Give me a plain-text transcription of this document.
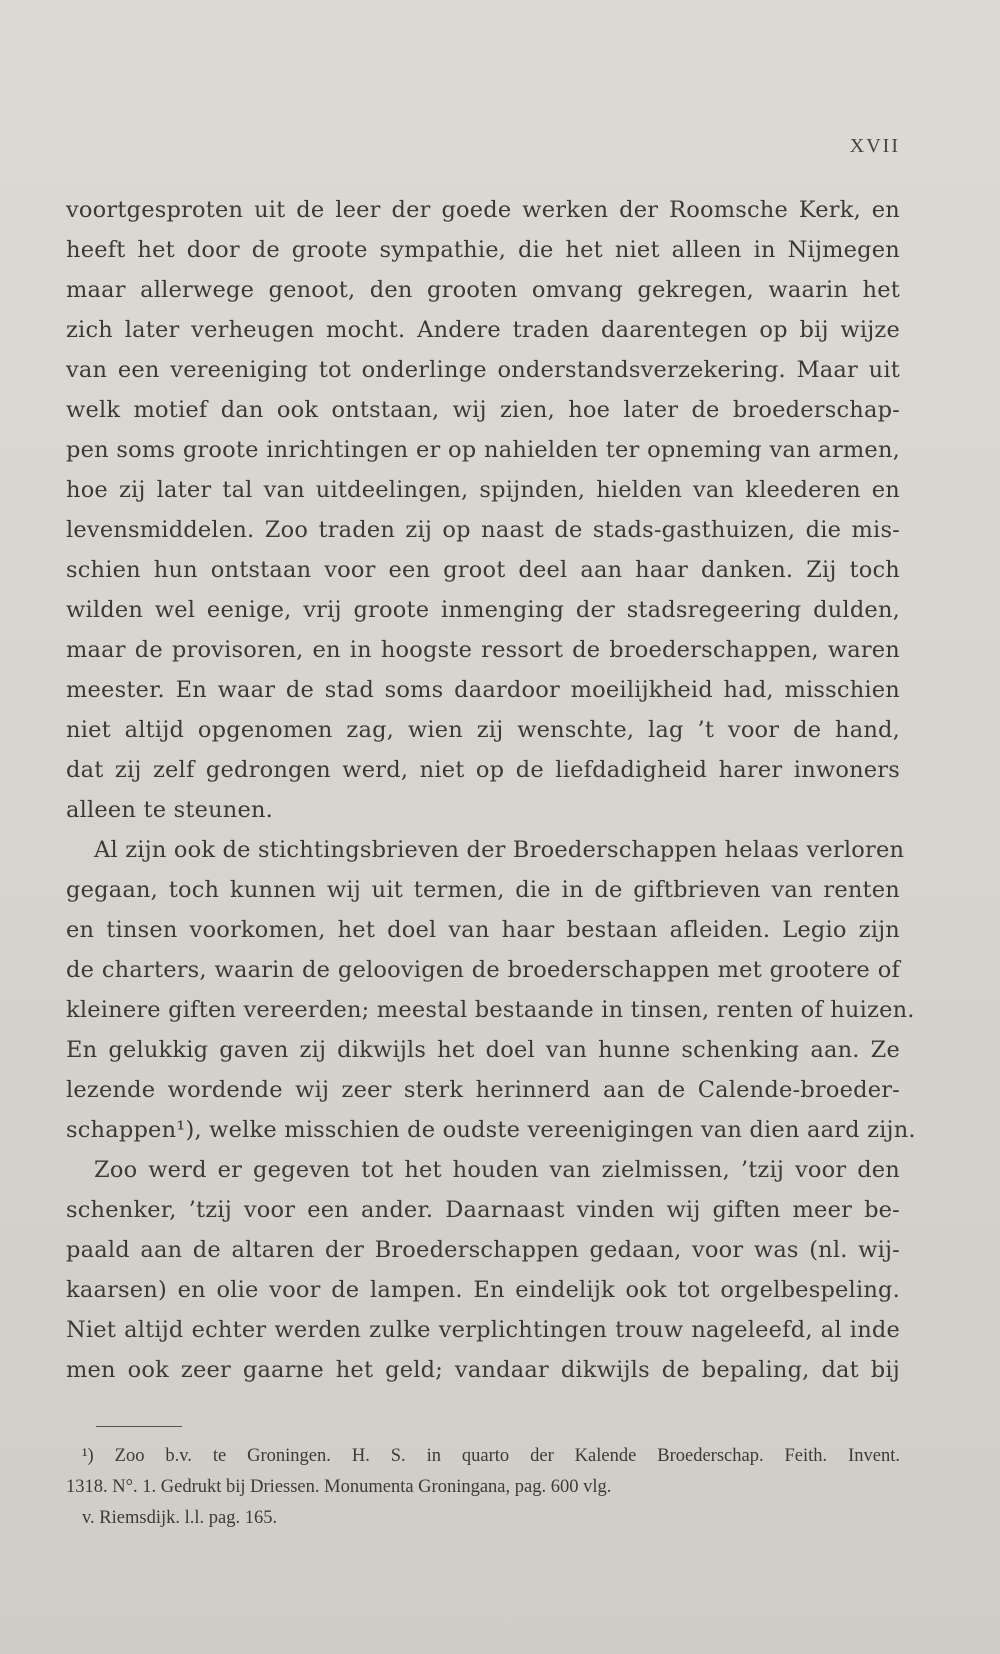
XVII
voortgesproten uit de leer der goede werken der Roomsche Kerk, en
heeft het door de groote sympathie, die het niet alleen in Nijmegen
maar allerwege genoot, den grooten omvang gekregen, waarin het
zich later verheugen mocht. Andere traden daarentegen op bij wijze
van een vereeniging tot onderlinge onderstandsverzekering. Maar uit
welk motief dan ook ontstaan, wij zien, hoe later de broederschap-
pen soms groote inrichtingen er op nahielden ter opneming van armen,
hoe zij later tal van uitdeelingen, spijnden, hielden van kleederen en
levensmiddelen. Zoo traden zij op naast de stads-gasthuizen, die mis-
schien hun ontstaan voor een groot deel aan haar danken. Zij toch
wilden wel eenige, vrij groote inmenging der stadsregeering dulden,
maar de provisoren, en in hoogste ressort de broederschappen, waren
meester. En waar de stad soms daardoor moeilijkheid had, misschien
niet altijd opgenomen zag, wien zij wenschte, lag ’t voor de hand,
dat zij zelf gedrongen werd, niet op de liefdadigheid harer inwoners
alleen te steunen.
Al zijn ook de stichtingsbrieven der Broederschappen helaas verloren
gegaan, toch kunnen wij uit termen, die in de giftbrieven van renten
en tinsen voorkomen, het doel van haar bestaan afleiden. Legio zijn
de charters, waarin de geloovigen de broederschappen met grootere of
kleinere giften vereerden; meestal bestaande in tinsen, renten of huizen.
En gelukkig gaven zij dikwijls het doel van hunne schenking aan. Ze
lezende wordende wij zeer sterk herinnerd aan de Calende-broeder-
schappen¹), welke misschien de oudste vereenigingen van dien aard zijn.
Zoo werd er gegeven tot het houden van zielmissen, ’tzij voor den
schenker, ’tzij voor een ander. Daarnaast vinden wij giften meer be-
paald aan de altaren der Broederschappen gedaan, voor was (nl. wij-
kaarsen) en olie voor de lampen. En eindelijk ook tot orgelbespeling.
Niet altijd echter werden zulke verplichtingen trouw nageleefd, al inde
men ook zeer gaarne het geld; vandaar dikwijls de bepaling, dat bij
¹) Zoo b.v. te Groningen. H. S. in quarto der Kalende Broederschap. Feith. Invent.
1318. N°. 1. Gedrukt bij Driessen. Monumenta Groningana, pag. 600 vlg.
v. Riemsdijk. l.l. pag. 165.
